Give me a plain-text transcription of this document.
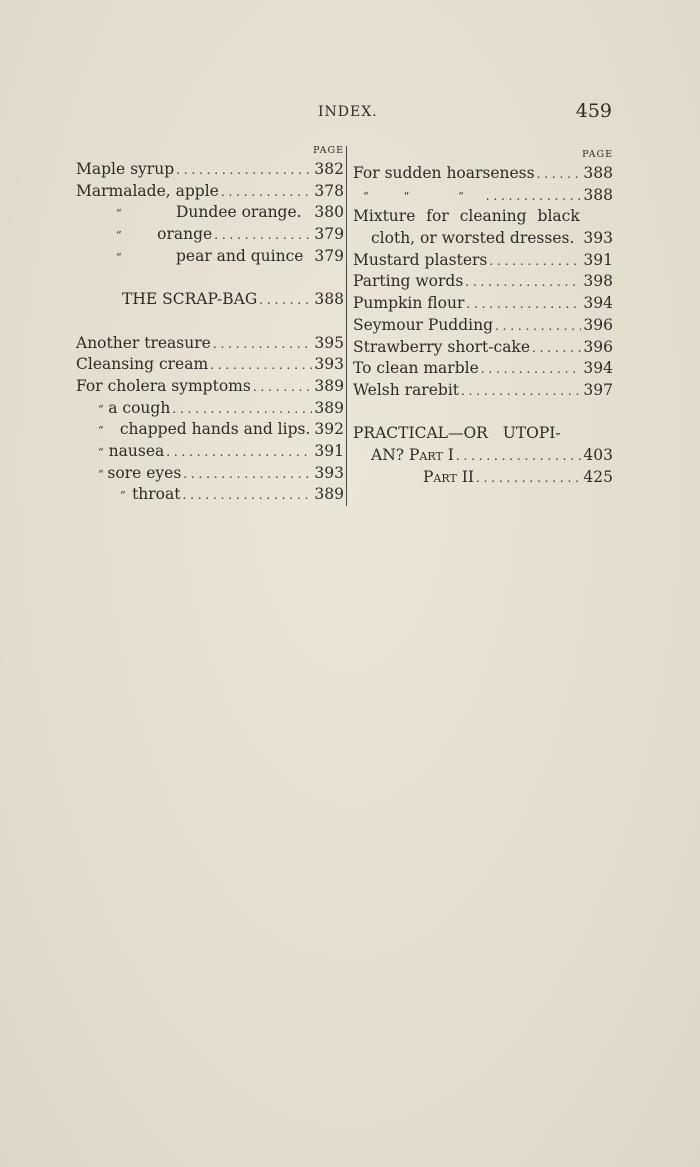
INDEX.	459
PAGE
Maple syrup . . .	382
Marmalade, apple . . .	378
“	Dundee orange. 380
“	orange . . .	379
“	pear and quince 379
THE SCRAP-BAG . . .	388
Another treasure . . .	395
Cleansing cream . . .	393
For cholera symptoms . . .	389
“ a cough . . .	389
“	chapped hands and lips. 392
“ nausea . . .	391
“ sore eyes . . .	393
“ throat . . .	389
PAGE
For sudden hoarseness . . .	388
“          “              “ . . .	388
Mixture for cleaning black
cloth, or worsted dresses. 393
Mustard plasters . . .	391
Parting words . . .	398
Pumpkin flour . . .	394
Seymour Pudding . . .	396
Strawberry short-cake . . .	396
To clean marble . . .	394
Welsh rarebit . . .	397
PRACTICAL—OR UTOPI-
AN? Part I . . .	403
Part II . . .	425
